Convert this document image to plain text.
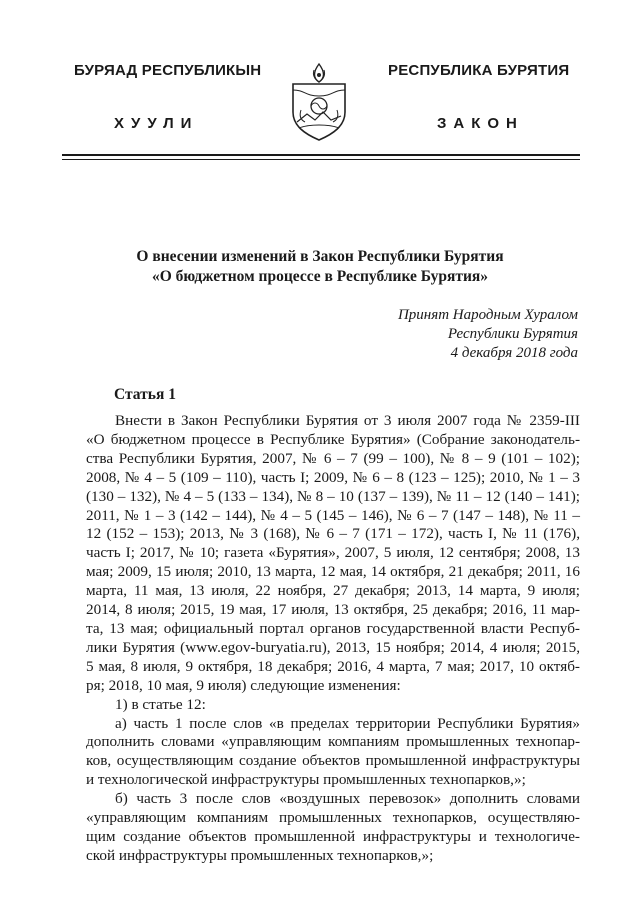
БУРЯАД РЕСПУБЛИКЫН
ХУУЛИ
РЕСПУБЛИКА БУРЯТИЯ
ЗАКОН
О внесении изменений в Закон Республики Бурятия
«О бюджетном процессе в Республике Бурятия»
Принят Народным Хуралом
Республики Бурятия
4 декабря 2018 года
Статья 1

Внести в Закон Республики Бурятия от 3 июля 2007 года № 2359-III

«О бюджетном процессе в Республике Бурятия» (Собрание законодатель-

ства Республики Бурятия, 2007, № 6 – 7 (99 – 100), № 8 – 9 (101 – 102);

2008, № 4 – 5 (109 – 110), часть I; 2009, № 6 – 8 (123 – 125); 2010, № 1 – 3

(130 – 132), № 4 – 5 (133 – 134), № 8 – 10 (137 – 139), № 11 – 12 (140 – 141);

2011, № 1 – 3 (142 – 144), № 4 – 5 (145 – 146), № 6 – 7 (147 – 148), № 11 –

12 (152 – 153); 2013, № 3 (168), № 6 – 7 (171 – 172), часть I, № 11 (176),

часть I; 2017, № 10; газета «Бурятия», 2007, 5 июля, 12 сентября; 2008, 13

мая; 2009, 15 июля; 2010, 13 марта, 12 мая, 14 октября, 21 декабря; 2011, 16

марта, 11 мая, 13 июля, 22 ноября, 27 декабря; 2013, 14 марта, 9 июля;

2014, 8 июля; 2015, 19 мая, 17 июля, 13 октября, 25 декабря; 2016, 11 мар-

та, 13 мая; официальный портал органов государственной власти Респуб-

лики Бурятия (www.egov-buryatia.ru), 2013, 15 ноября; 2014, 4 июля; 2015,

5 мая, 8 июля, 9 октября, 18 декабря; 2016, 4 марта, 7 мая; 2017, 10 октяб-

ря; 2018, 10 мая, 9 июля) следующие изменения:

1) в статье 12:

а) часть 1 после слов «в пределах территории Республики Бурятия»

дополнить словами «управляющим компаниям промышленных технопар-

ков, осуществляющим создание объектов промышленной инфраструктуры

и технологической инфраструктуры промышленных технопарков,»;

б) часть 3 после слов «воздушных перевозок» дополнить словами

«управляющим компаниям промышленных технопарков, осуществляю-

щим создание объектов промышленной инфраструктуры и технологиче-

ской инфраструктуры промышленных технопарков,»;
